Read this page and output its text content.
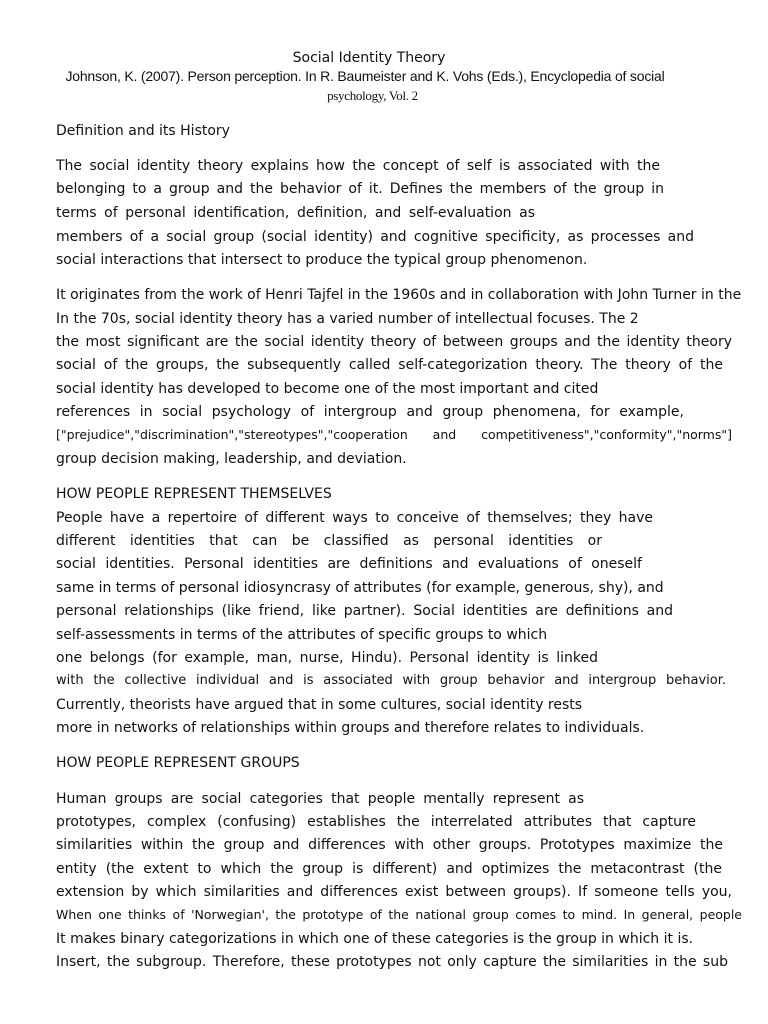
Social Identity Theory
Johnson, K. (2007). Person perception. In R. Baumeister and K. Vohs (Eds.), Encyclopedia of social
psychology, Vol. 2
Definition and its History
The social identity theory explains how the concept of self is associated with the
belonging to a group and the behavior of it. Defines the members of the group in
terms of personal identification, definition, and self-evaluation as
members of a social group (social identity) and cognitive specificity, as processes and
social interactions that intersect to produce the typical group phenomenon.
It originates from the work of Henri Tajfel in the 1960s and in collaboration with John Turner in the
In the 70s, social identity theory has a varied number of intellectual focuses. The 2
the most significant are the social identity theory of between groups and the identity theory
social of the groups, the subsequently called self-categorization theory. The theory of the
social identity has developed to become one of the most important and cited
references in social psychology of intergroup and group phenomena, for example,
["prejudice","discrimination","stereotypes","cooperation and competitiveness","conformity","norms"]
group decision making, leadership, and deviation.
HOW PEOPLE REPRESENT THEMSELVES
People have a repertoire of different ways to conceive of themselves; they have
different identities that can be classified as personal identities or
social identities. Personal identities are definitions and evaluations of oneself
same in terms of personal idiosyncrasy of attributes (for example, generous, shy), and
personal relationships (like friend, like partner). Social identities are definitions and
self-assessments in terms of the attributes of specific groups to which
one belongs (for example, man, nurse, Hindu). Personal identity is linked
with the collective individual and is associated with group behavior and intergroup behavior.
Currently, theorists have argued that in some cultures, social identity rests
more in networks of relationships within groups and therefore relates to individuals.
HOW PEOPLE REPRESENT GROUPS
Human groups are social categories that people mentally represent as
prototypes, complex (confusing) establishes the interrelated attributes that capture
similarities within the group and differences with other groups. Prototypes maximize the
entity (the extent to which the group is different) and optimizes the metacontrast (the
extension by which similarities and differences exist between groups). If someone tells you,
When one thinks of 'Norwegian', the prototype of the national group comes to mind. In general, people
It makes binary categorizations in which one of these categories is the group in which it is.
Insert, the subgroup. Therefore, these prototypes not only capture the similarities in the sub
